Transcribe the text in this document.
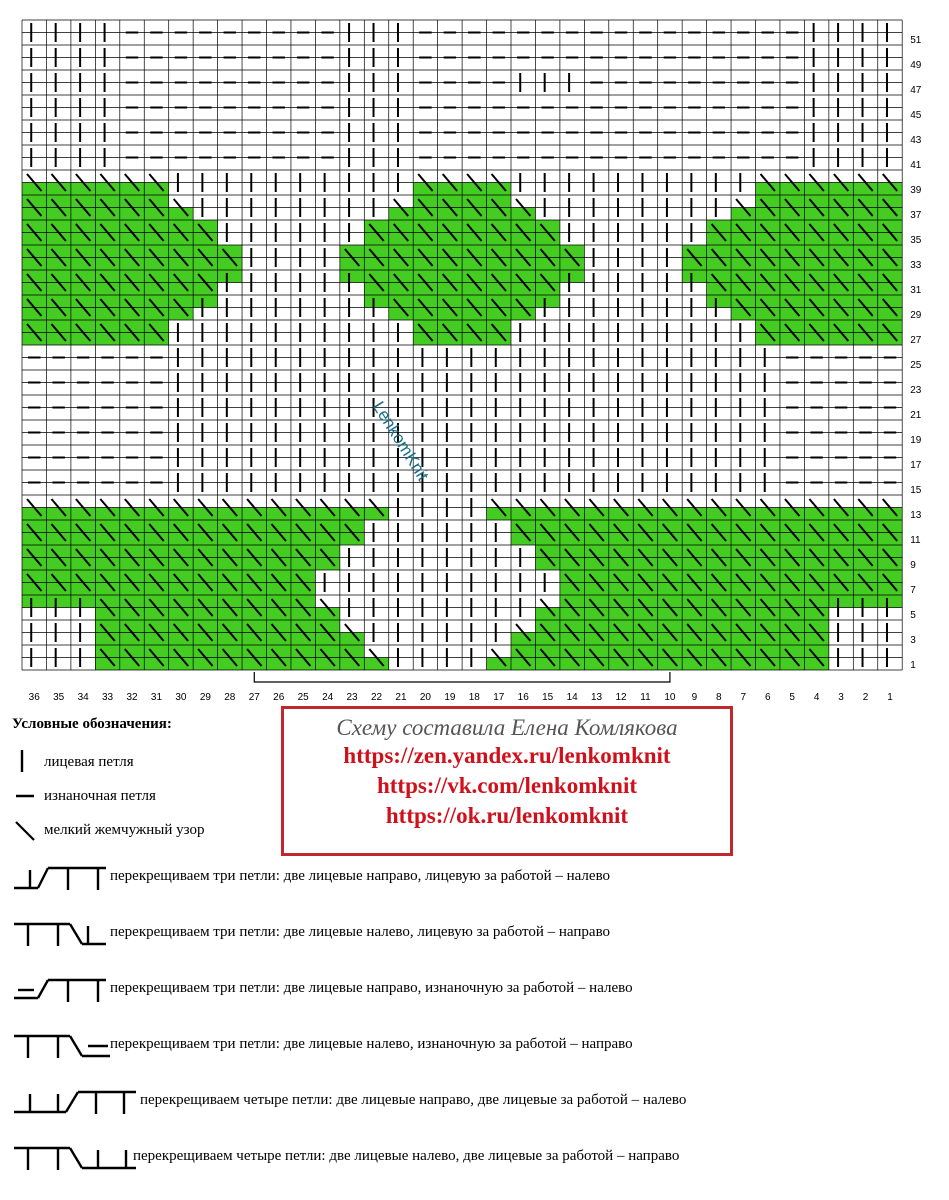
51
49
47
45
43
41
39
37
35
33
31
29
27
25
23
21
19
17
15
13
11
9
7
5
3
1
36 35 34 33 32 31 30 29 28 27 26 25 24 23 22 21 20 19 18 17 16 15 14 13 12 11 10 9 8 7 6 5 4 3 2 1
LenkomKnit
Условные обозначения:
лицевая петля
изнаночная петля
мелкий жемчужный узор
перекрещиваем три петли: две лицевые направо, лицевую за работой – налево
перекрещиваем три петли: две лицевые налево, лицевую за работой – направо
перекрещиваем три петли: две лицевые направо, изнаночную за работой – налево
перекрещиваем три петли: две лицевые налево, изнаночную за работой – направо
перекрещиваем четыре петли: две лицевые направо, две лицевые за работой – налево
перекрещиваем четыре петли: две лицевые налево, две лицевые за работой – направо
Схему составила Елена Комлякова
https://zen.yandex.ru/lenkomknit
https://vk.com/lenkomknit
https://ok.ru/lenkomknit
